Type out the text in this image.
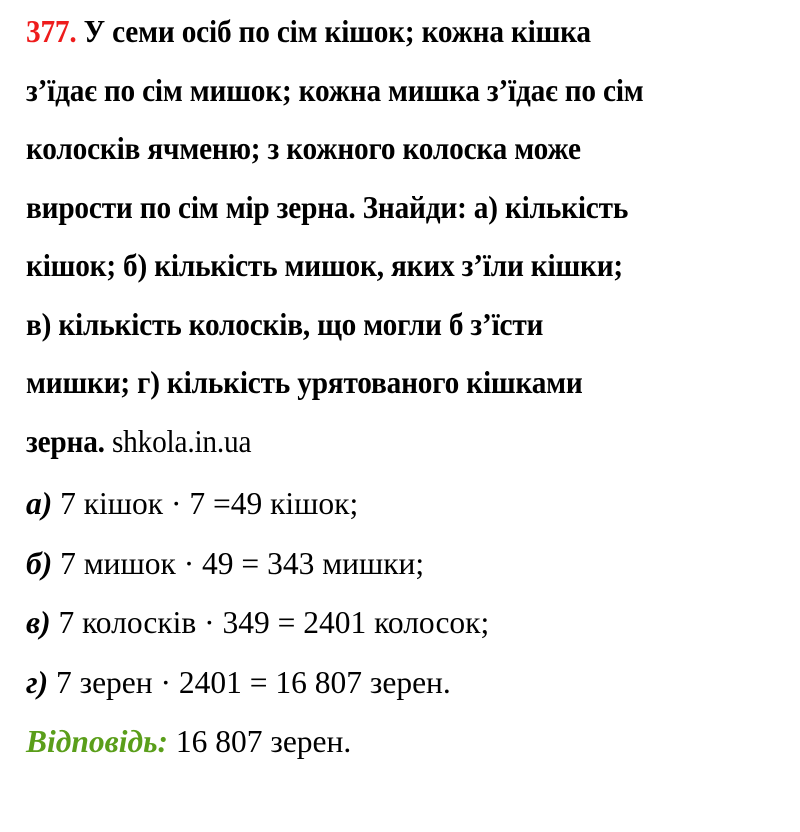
377. У семи осіб по сім кішок; кожна кішка
з’їдає по сім мишок; кожна мишка з’їдає по сім
колосків ячменю; з кожного колоска може
вирости по сім мір зерна. Знайди: а) кількість
кішок; б) кількість мишок, яких з’їли кішки;
в) кількість колосків, що могли б з’їсти
мишки; г) кількість урятованого кішками
зерна. shkola.in.ua
а) 7 кішок · 7 =49 кішок;
б) 7 мишок · 49 = 343 мишки;
в) 7 колосків · 349 = 2401 колосок;
г) 7 зерен · 2401 = 16 807 зерен.
Відповідь: 16 807 зерен.
